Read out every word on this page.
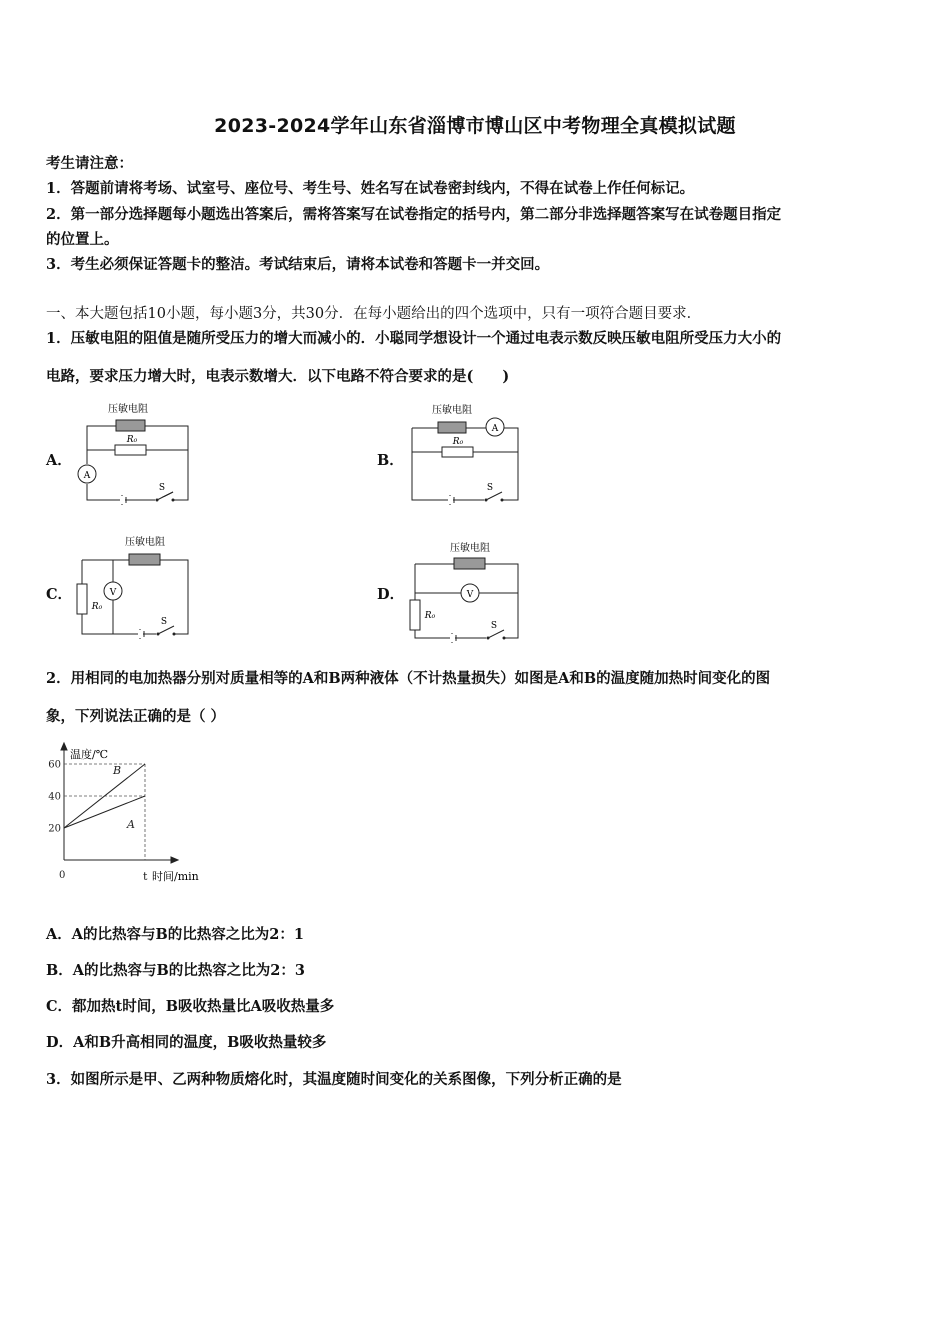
2023-2024学年山东省淄博市博山区中考物理全真模拟试题
考生请注意：
1．答题前请将考场、试室号、座位号、考生号、姓名写在试卷密封线内，不得在试卷上作任何标记。
2．第一部分选择题每小题选出答案后，需将答案写在试卷指定的括号内，第二部分非选择题答案写在试卷题目指定
的位置上。
3．考生必须保证答题卡的整洁。考试结束后，请将本试卷和答题卡一并交回。
一、本大题包括10小题，每小题3分，共30分．在每小题给出的四个选项中，只有一项符合题目要求．
1．压敏电阻的阻值是随所受压力的增大而减小的．小聪同学想设计一个通过电表示数反映压敏电阻所受压力大小的
电路，要求压力增大时，电表示数增大．以下电路不符合要求的是(　　)
A．	B．
C．	D．
压敏电阻
R₀
A
S
压敏电阻
R₀
A
S
压敏电阻
R₀
V
S
压敏电阻
R₀
V
S
2．用相同的电加热器分别对质量相等的A和B两种液体（不计热量损失）如图是A和B的温度随加热时间变化的图
象，下列说法正确的是（ ）
20
40
60
0	t
B
A
温度/℃
时间/min
A．A的比热容与B的比热容之比为2：1
B．A的比热容与B的比热容之比为2：3
C．都加热t时间，B吸收热量比A吸收热量多
D．A和B升高相同的温度，B吸收热量较多
3．如图所示是甲、乙两种物质熔化时，其温度随时间变化的关系图像，下列分析正确的是
